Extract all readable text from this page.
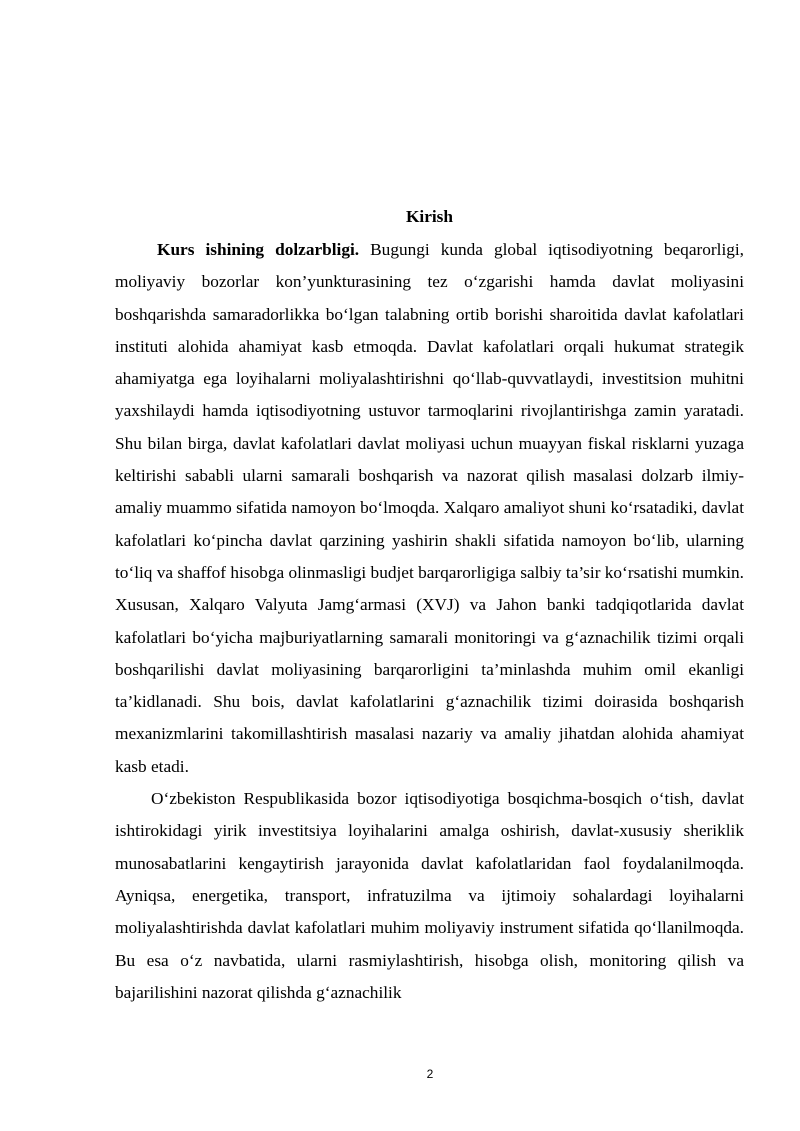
Kirish

Kurs ishining dolzarbligi. Bugungi kunda global iqtisodiyotning beqarorligi, moliyaviy bozorlar kon’yunkturasining tez o‘zgarishi hamda davlat moliyasini boshqarishda samaradorlikka bo‘lgan talabning ortib borishi sharoitida davlat kafolatlari instituti alohida ahamiyat kasb etmoqda. Davlat kafolatlari orqali hukumat strategik ahamiyatga ega loyihalarni moliyalashtirishni qo‘llab-quvvatlaydi, investitsion muhitni yaxshilaydi hamda iqtisodiyotning ustuvor tarmoqlarini rivojlantirishga zamin yaratadi. Shu bilan birga, davlat kafolatlari davlat moliyasi uchun muayyan fiskal risklarni yuzaga keltirishi sababli ularni samarali boshqarish va nazorat qilish masalasi dolzarb ilmiy-amaliy muammo sifatida namoyon bo‘lmoqda. Xalqaro amaliyot shuni ko‘rsatadiki, davlat kafolatlari ko‘pincha davlat qarzining yashirin shakli sifatida namoyon bo‘lib, ularning to‘liq va shaffof hisobga olinmasligi budjet barqarorligiga salbiy ta’sir ko‘rsatishi mumkin. Xususan, Xalqaro Valyuta Jamg‘armasi (XVJ) va Jahon banki tadqiqotlarida davlat kafolatlari bo‘yicha majburiyatlarning samarali monitoringi va g‘aznachilik tizimi orqali boshqarilishi davlat moliyasining barqarorligini ta’minlashda muhim omil ekanligi ta’kidlanadi. Shu bois, davlat kafolatlarini g‘aznachilik tizimi doirasida boshqarish mexanizmlarini takomillashtirish masalasi nazariy va amaliy jihatdan alohida ahamiyat kasb etadi.

O‘zbekiston Respublikasida bozor iqtisodiyotiga bosqichma-bosqich o‘tish, davlat ishtirokidagi yirik investitsiya loyihalarini amalga oshirish, davlat-xususiy sheriklik munosabatlarini kengaytirish jarayonida davlat kafolatlaridan faol foydalanilmoqda. Ayniqsa, energetika, transport, infratuzilma va ijtimoiy sohalardagi loyihalarni moliyalashtirishda davlat kafolatlari muhim moliyaviy instrument sifatida qo‘llanilmoqda. Bu esa o‘z navbatida, ularni rasmiylashtirish, hisobga olish, monitoring qilish va bajarilishini nazorat qilishda g‘aznachilik

2
